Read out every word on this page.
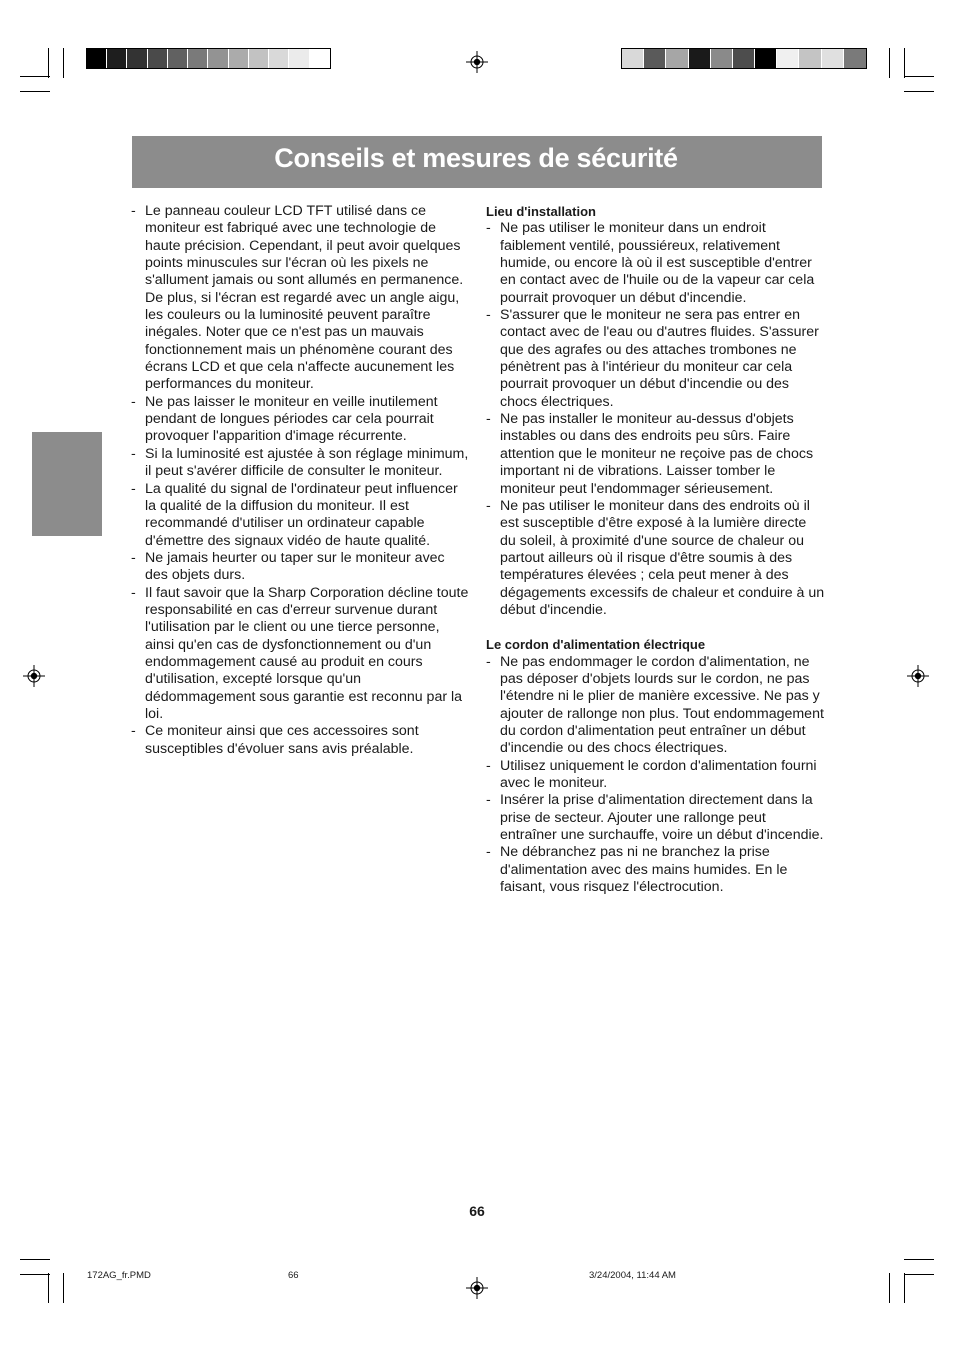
Conseils et mesures de sécurité
- Le panneau couleur LCD TFT utilisé dans ce moniteur est fabriqué avec une technologie de haute précision. Cependant, il peut avoir quelques points minuscules sur l'écran où les pixels ne s'allument jamais ou sont allumés en permanence. De plus, si l'écran est regardé avec un angle aigu, les couleurs ou la luminosité peuvent paraître inégales. Noter que ce n'est pas un mauvais fonctionnement mais un phénomène courant des écrans LCD et que cela n'affecte aucunement les performances du moniteur.
- Ne pas laisser le moniteur en veille inutilement pendant de longues périodes car cela pourrait provoquer l'apparition d'image récurrente.
- Si la luminosité est ajustée à son réglage minimum, il peut s'avérer difficile de consulter le moniteur.
- La qualité du signal de l'ordinateur peut influencer la qualité de la diffusion du moniteur. Il est recommandé d'utiliser un ordinateur capable d'émettre des signaux vidéo de haute qualité.
- Ne jamais heurter ou taper sur le moniteur avec des objets durs.
- Il faut savoir que la Sharp Corporation décline toute responsabilité en cas d'erreur survenue durant l'utilisation par le client ou une tierce personne, ainsi qu'en cas de dysfonctionnement ou d'un endommagement causé au produit en cours d'utilisation, excepté lorsque qu'un dédommagement sous garantie est reconnu par la loi.
- Ce moniteur ainsi que ces accessoires sont susceptibles d'évoluer sans avis préalable.
Lieu d'installation
- Ne pas utiliser le moniteur dans un endroit faiblement ventilé, poussiéreux, relativement humide, ou encore là où il est susceptible d'entrer en contact avec de l'huile ou de la vapeur car cela pourrait provoquer un début d'incendie.
- S'assurer que le moniteur ne sera pas entrer en contact avec de l'eau ou d'autres fluides. S'assurer que des agrafes ou des attaches trombones ne pénètrent pas à l'intérieur du moniteur car cela pourrait provoquer un début d'incendie ou des chocs électriques.
- Ne pas installer le moniteur au-dessus d'objets instables ou dans des endroits peu sûrs. Faire attention que le moniteur ne reçoive pas de chocs important ni de vibrations. Laisser tomber le moniteur peut l'endommager sérieusement.
- Ne pas utiliser le moniteur dans des endroits où il est susceptible d'être exposé à la lumière directe du soleil, à proximité d'une source de chaleur ou partout ailleurs où il risque d'être soumis à des températures élevées ; cela peut mener à des dégagements excessifs de chaleur et conduire à un début d'incendie.
Le cordon d'alimentation électrique
- Ne pas endommager le cordon d'alimentation, ne pas déposer d'objets lourds sur le cordon, ne pas l'étendre ni le plier de manière excessive. Ne pas y ajouter de rallonge non plus. Tout endommagement du cordon d'alimentation peut entraîner un début d'incendie ou des chocs électriques.
- Utilisez uniquement le cordon d'alimentation fourni avec le moniteur.
- Insérer la prise d'alimentation directement dans la prise de secteur. Ajouter une rallonge peut entraîner une surchauffe, voire un début d'incendie.
- Ne débranchez pas ni ne branchez la prise d'alimentation avec des mains humides. En le faisant, vous risquez l'électrocution.
66
172AG_fr.PMD	66	3/24/2004, 11:44 AM
